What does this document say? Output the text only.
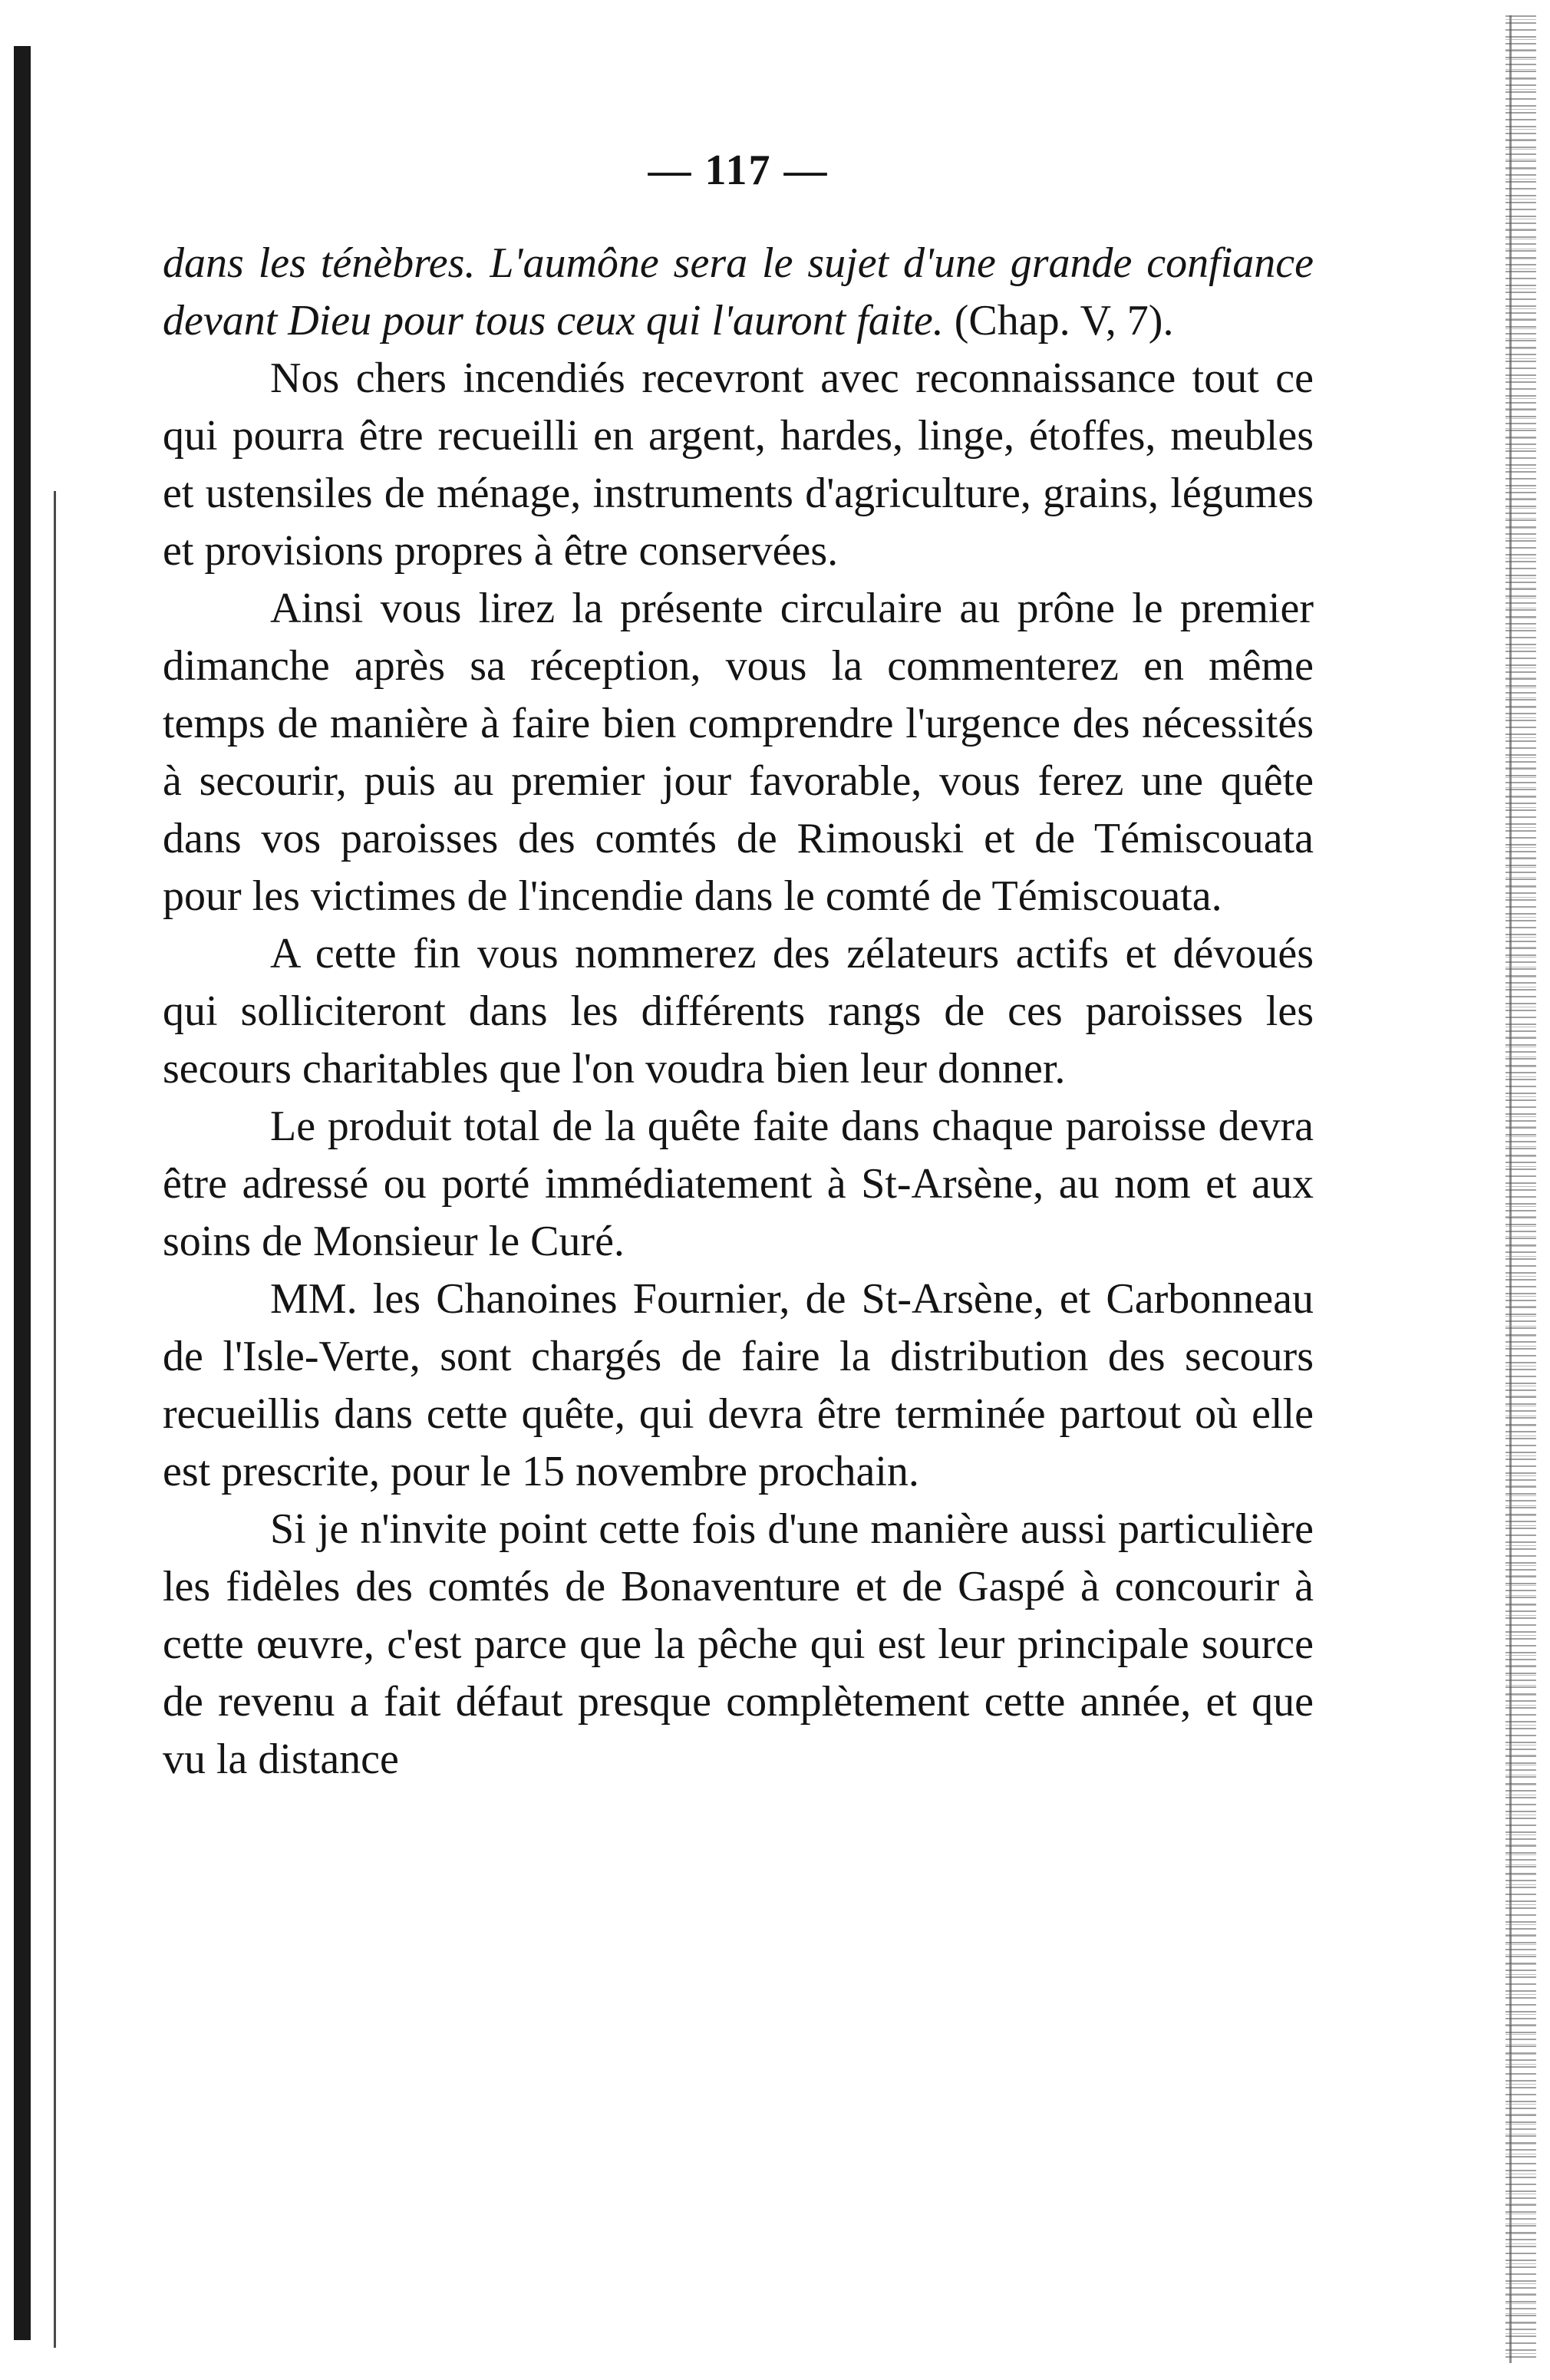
— 117 —

dans les ténèbres. L'aumône sera le sujet d'une grande confiance devant Dieu pour tous ceux qui l'auront faite. (Chap. V, 7).

Nos chers incendiés recevront avec reconnaissance tout ce qui pourra être recueilli en argent, hardes, linge, étoffes, meubles et ustensiles de ménage, instruments d'agriculture, grains, légumes et provisions propres à être conservées.

Ainsi vous lirez la présente circulaire au prône le premier dimanche après sa réception, vous la commenterez en même temps de manière à faire bien comprendre l'urgence des nécessités à secourir, puis au premier jour favorable, vous ferez une quête dans vos paroisses des comtés de Rimouski et de Témiscouata pour les victimes de l'incendie dans le comté de Témiscouata.

A cette fin vous nommerez des zélateurs actifs et dévoués qui solliciteront dans les différents rangs de ces paroisses les secours charitables que l'on voudra bien leur donner.

Le produit total de la quête faite dans chaque paroisse devra être adressé ou porté immédiatement à St-Arsène, au nom et aux soins de Monsieur le Curé.

MM. les Chanoines Fournier, de St-Arsène, et Carbonneau de l'Isle-Verte, sont chargés de faire la distribution des secours recueillis dans cette quête, qui devra être terminée partout où elle est prescrite, pour le 15 novembre prochain.

Si je n'invite point cette fois d'une manière aussi particulière les fidèles des comtés de Bonaventure et de Gaspé à concourir à cette œuvre, c'est parce que la pêche qui est leur principale source de revenu a fait défaut presque complètement cette année, et que vu la distance
